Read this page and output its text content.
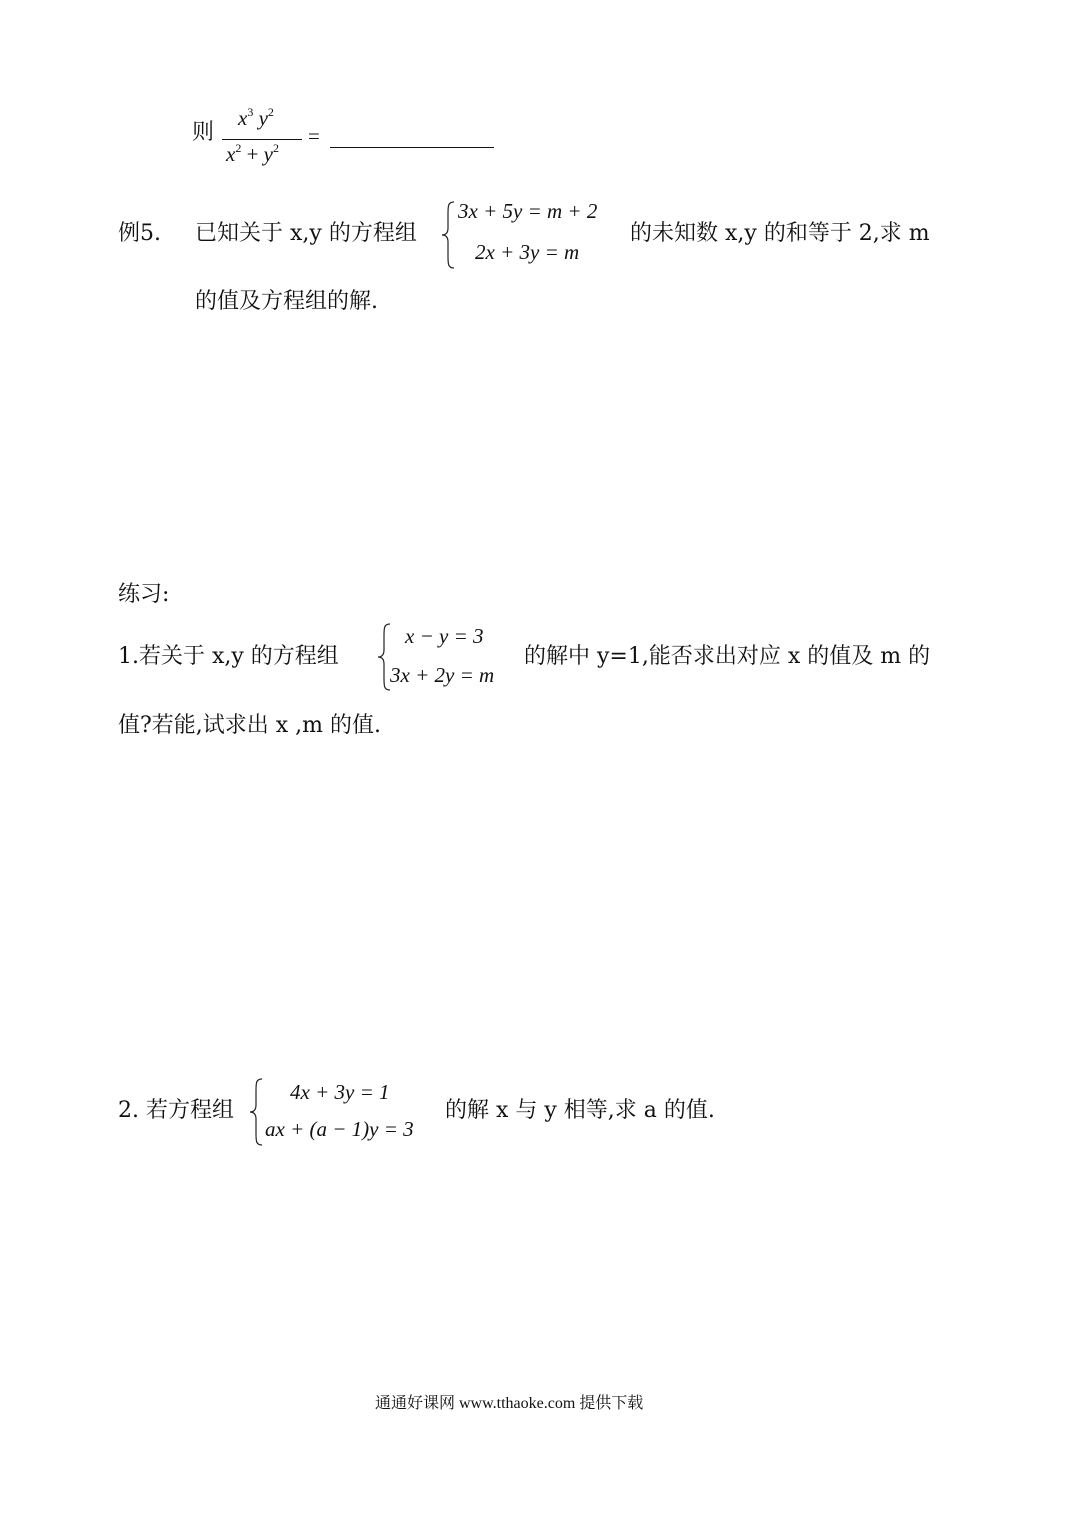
则
$x^3$ $y^2$
$x^2 + y^2$ =
例5. 已知关于 x,y 的方程组
3x + 5y = m + 2
2x + 3y = m
的未知数 x,y 的和等于 2,求 m
的值及方程组的解.
练习:
1.若关于 x,y 的方程组
x − y = 3
3x + 2y = m
的解中 y=1,能否求出对应 x 的值及 m 的
值?若能,试求出 x ,m 的值.
2. 若方程组
4x + 3y = 1
ax + (a − 1)y = 3
的解 x 与 y 相等,求 a 的值.
通通好课网 www.tthaoke.com 提供下载
